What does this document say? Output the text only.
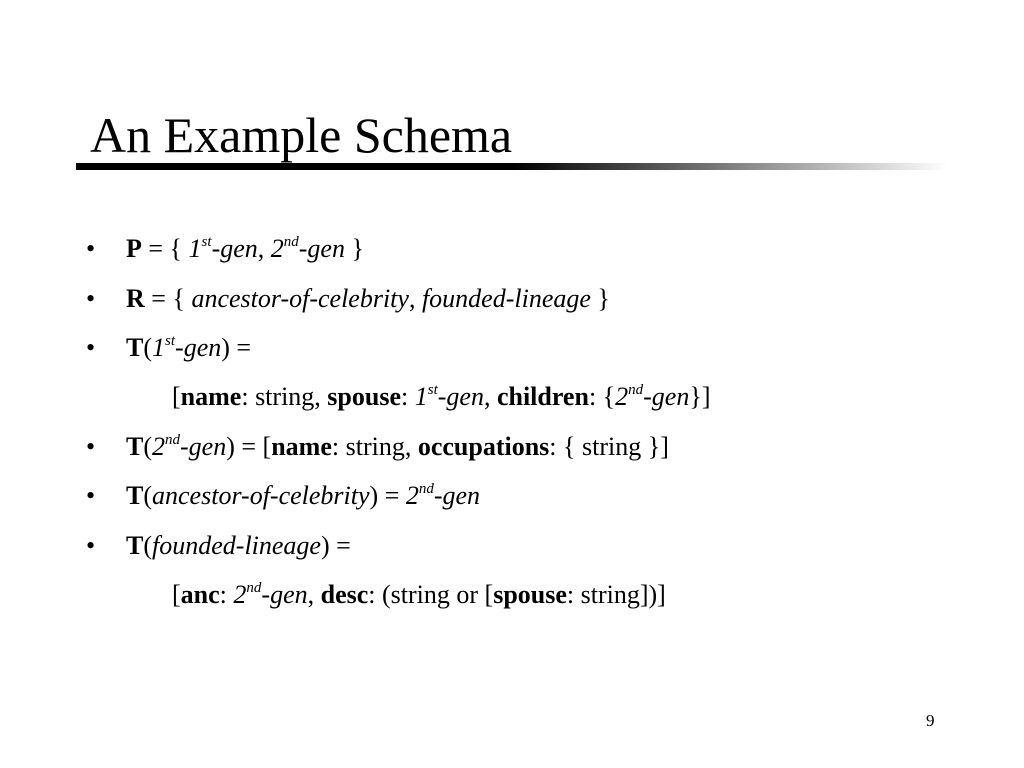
An Example Schema
• P = { 1st-gen, 2nd-gen }
• R = { ancestor-of-celebrity, founded-lineage }
• T(1st-gen) =
[name: string, spouse: 1st-gen, children: {2nd-gen}]
• T(2nd-gen) = [name: string, occupations: { string }]
• T(ancestor-of-celebrity) = 2nd-gen
• T(founded-lineage) =
[anc: 2nd-gen, desc: (string or [spouse: string])]
9
